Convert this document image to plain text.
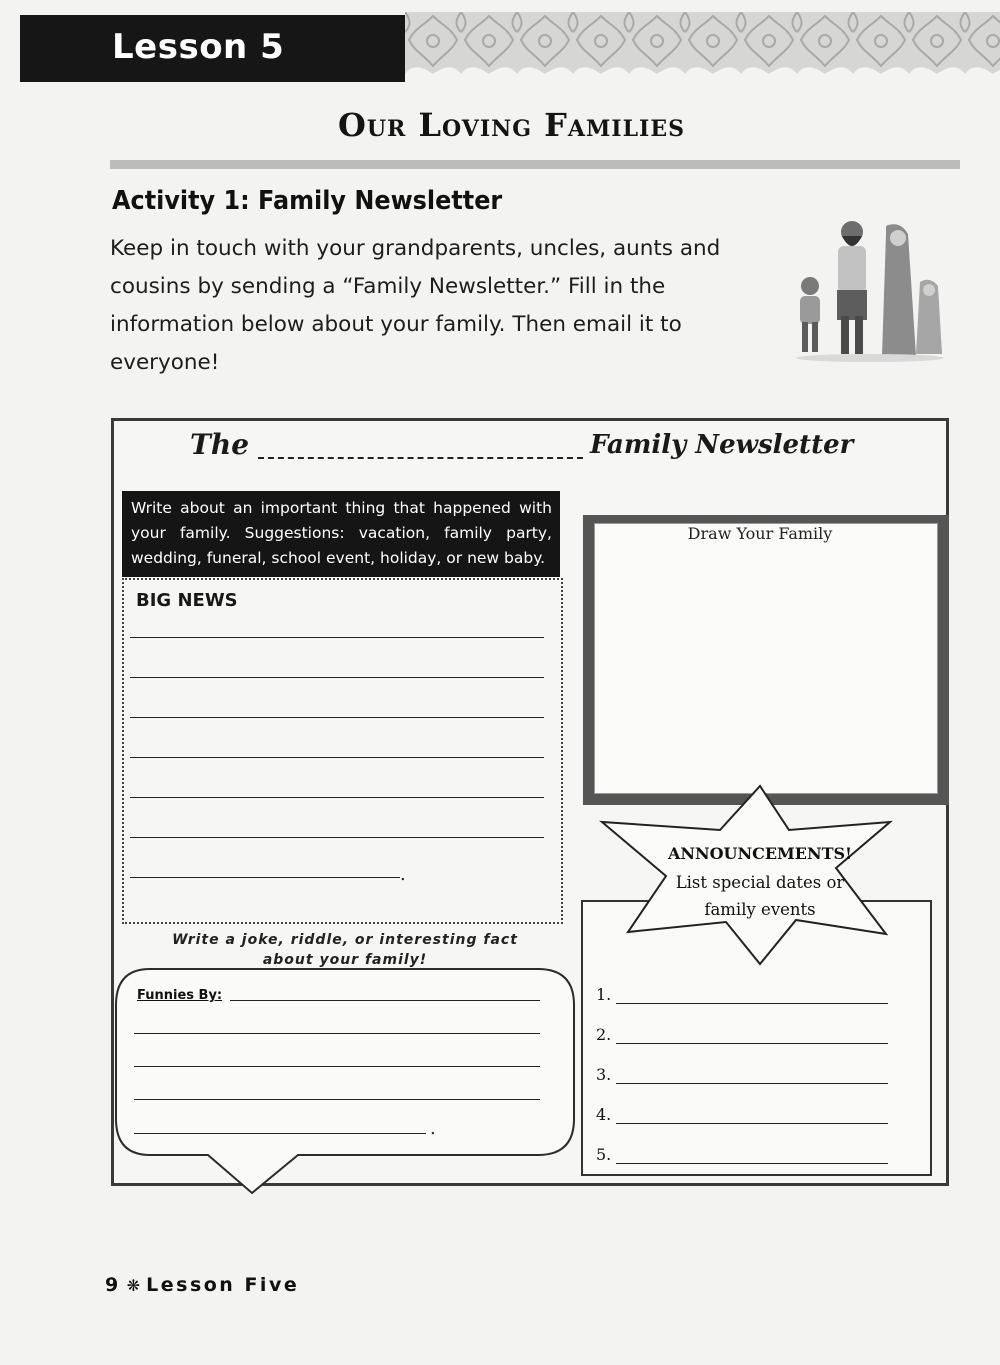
Lesson 5
Our Loving Families
Activity 1: Family Newsletter
Keep in touch with your grandparents, uncles, aunts and cousins by sending a “Family Newsletter.” Fill in the information below about your family. Then email it to everyone!
The	Family Newsletter
Write about an important thing that happened with your family. Suggestions: vacation, family party, wedding, funeral, school event, holiday, or new baby.
BIG NEWS
.
Draw Your Family
ANNOUNCEMENTS!
List special dates or
family events
1.
2.
3.
4.
5.
Write a joke, riddle, or interesting fact
about your family!
Funnies By:
.
9 ❋ Lesson Five
